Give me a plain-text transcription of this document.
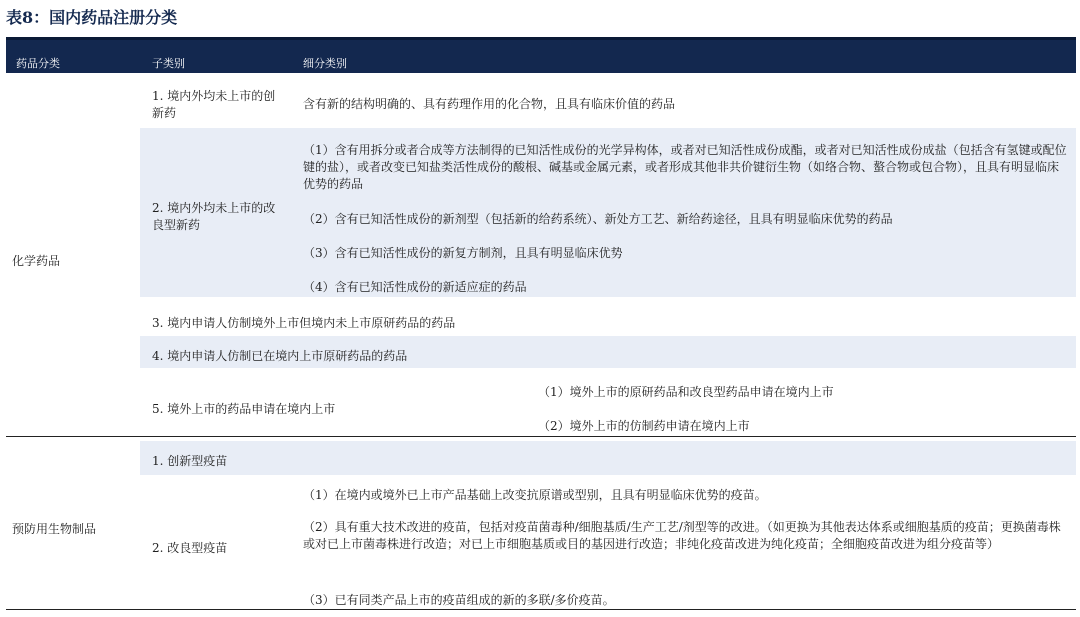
表8：国内药品注册分类
药品分类	子类别	细分类别
化学药品
1. 境内外均未上市的创新药
含有新的结构明确的、具有药理作用的化合物，且具有临床价值的药品
2. 境内外均未上市的改良型新药
（1）含有用拆分或者合成等方法制得的已知活性成份的光学异构体，或者对已知活性成份成酯，或者对已知活性成份成盐（包括含有氢键或配位键的盐），或者改变已知盐类活性成份的酸根、碱基或金属元素，或者形成其他非共价键衍生物（如络合物、螯合物或包合物），且具有明显临床优势的药品
（2）含有已知活性成份的新剂型（包括新的给药系统）、新处方工艺、新给药途径，且具有明显临床优势的药品
（3）含有已知活性成份的新复方制剂，且具有明显临床优势
（4）含有已知活性成份的新适应症的药品
3. 境内申请人仿制境外上市但境内未上市原研药品的药品
4. 境内申请人仿制已在境内上市原研药品的药品
5. 境外上市的药品申请在境内上市
（1）境外上市的原研药品和改良型药品申请在境内上市
（2）境外上市的仿制药申请在境内上市
预防用生物制品
1. 创新型疫苗
2. 改良型疫苗
（1）在境内或境外已上市产品基础上改变抗原谱或型别，且具有明显临床优势的疫苗。
（2）具有重大技术改进的疫苗，包括对疫苗菌毒种/细胞基质/生产工艺/剂型等的改进。（如更换为其他表达体系或细胞基质的疫苗；更换菌毒株或对已上市菌毒株进行改造；对已上市细胞基质或目的基因进行改造；非纯化疫苗改进为纯化疫苗；全细胞疫苗改进为组分疫苗等）
（3）已有同类产品上市的疫苗组成的新的多联/多价疫苗。
